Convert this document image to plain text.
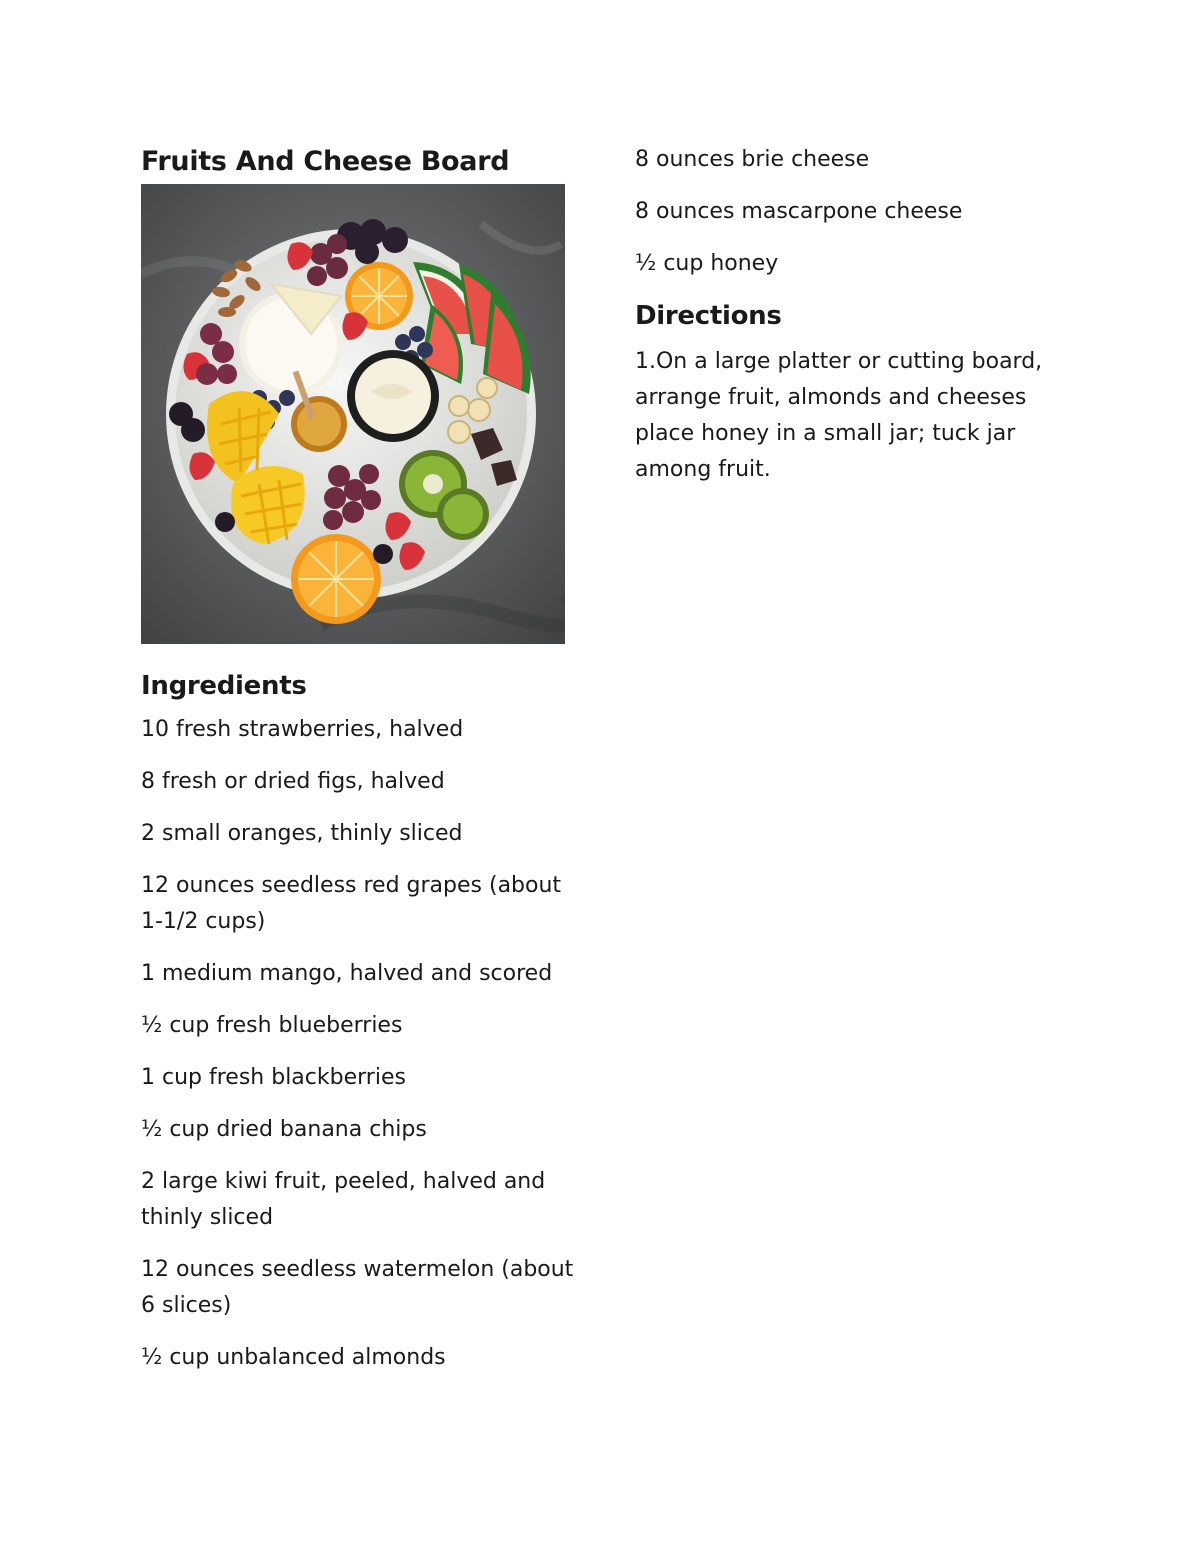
Fruits And Cheese Board
Ingredients
10 fresh strawberries, halved
8 fresh or dried figs, halved
2 small oranges, thinly sliced
12 ounces seedless red grapes (about 1-1/2 cups)
1 medium mango, halved and scored
½ cup fresh blueberries
1 cup fresh blackberries
½ cup dried banana chips
2 large kiwi fruit, peeled, halved and thinly sliced
12 ounces seedless watermelon (about 6 slices)
½ cup unbalanced almonds
8 ounces brie cheese
8 ounces mascarpone cheese
½ cup honey
Directions

1.On a large platter or cutting board, arrange fruit, almonds and cheeses place honey in a small jar; tuck jar among fruit.
